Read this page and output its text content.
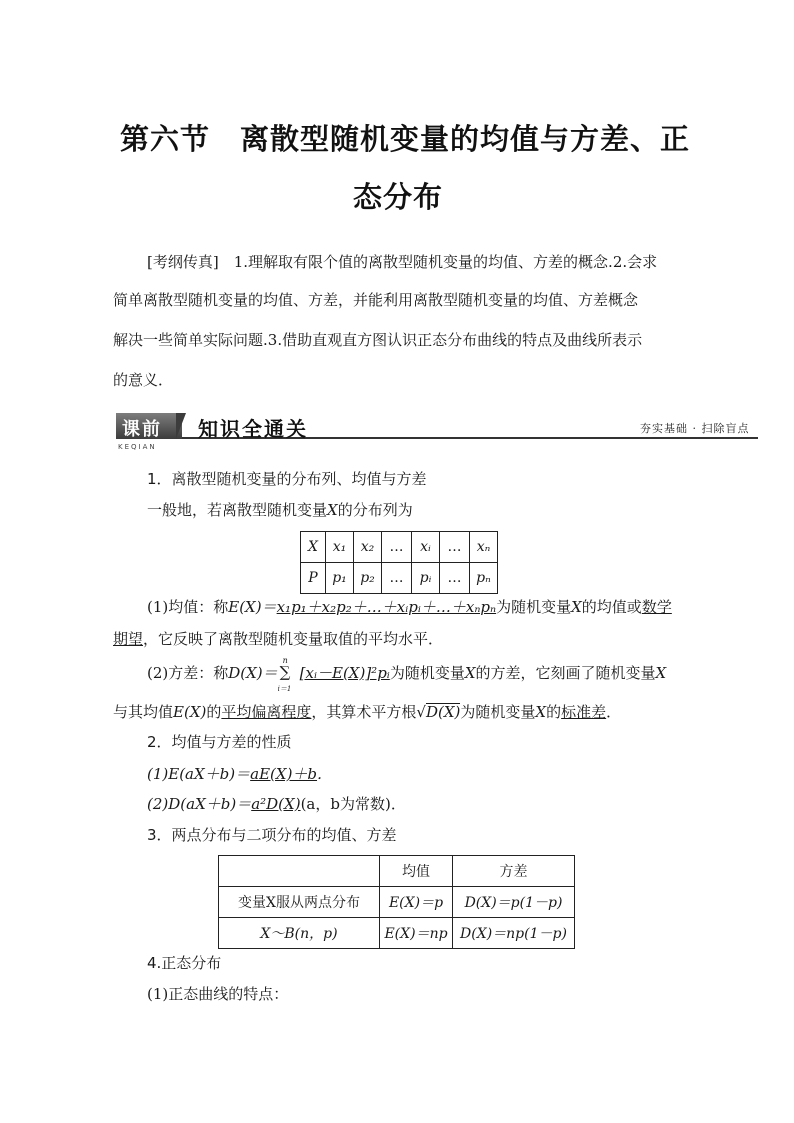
第六节　离散型随机变量的均值与方差、正
态分布
[考纲传真]　 1.理解取有限个值的离散型随机变量的均值、方差的概念.2.会求
简单离散型随机变量的均值、方差，并能利用离散型随机变量的均值、方差概念
解决一些简单实际问题.3.借助直观直方图认识正态分布曲线的特点及曲线所表示
的意义．
课前
KEQIAN
知识全通关	夯实基础 · 扫除盲点
1．离散型随机变量的分布列、均值与方差
一般地，若离散型随机变量X的分布列为
X	x₁	x₂	…	xᵢ	…	xₙ
P	p₁	p₂	…	pᵢ	…	pₙ
(1)均值：称E(X)＝x₁p₁＋x₂p₂＋…＋xᵢpᵢ＋…＋xₙpₙ为随机变量X的均值或数学
期望，它反映了离散型随机变量取值的平均水平．
(2)方差：称D(X)＝
n
∑
i＝1
[xᵢ－E(X)]²pᵢ为随机变量X的方差，它刻画了随机变量X
与其均值E(X)的平均偏离程度，其算术平方根√D(X)为随机变量X的标准差．

2．均值与方差的性质
(1)E(aX＋b)＝aE(X)＋b．
(2)D(aX＋b)＝a²D(X)(a，b为常数)．
3．两点分布与二项分布的均值、方差
	均值	方差
变量X服从两点分布	E(X)＝p	D(X)＝p(1－p)
X～B(n，p)	E(X)＝np	D(X)＝np(1－p)
4.正态分布
(1)正态曲线的特点：
